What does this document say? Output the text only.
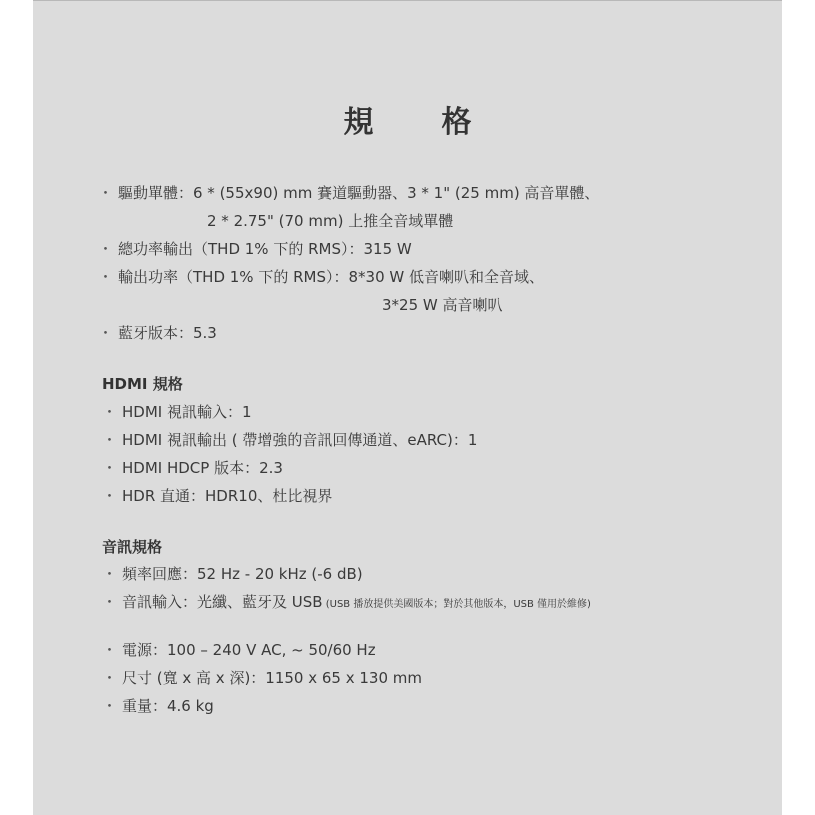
規 格
・ 驅動單體：6 * (55x90) mm 賽道驅動器、3 * 1" (25 mm) 高音單體、
2 * 2.75" (70 mm) 上推全音域單體
・ 總功率輸出（THD 1% 下的 RMS）：315 W
・ 輸出功率（THD 1% 下的 RMS）：8*30 W 低音喇叭和全音域、
3*25 W 高音喇叭
・ 藍牙版本：5.3
HDMI 規格
・ HDMI 視訊輸入：1
・ HDMI 視訊輸出 ( 帶增強的音訊回傳通道、eARC)：1
・ HDMI HDCP 版本：2.3
・ HDR 直通：HDR10、杜比視界
音訊規格
・ 頻率回應：52 Hz - 20 kHz (-6 dB)
・ 音訊輸入：光纖、藍牙及 USB (USB 播放提供美國版本；對於其他版本，USB 僅用於維修)
・ 電源：100 – 240 V AC, ~ 50/60 Hz
・ 尺寸 (寬 x 高 x 深)：1150 x 65 x 130 mm
・ 重量：4.6 kg
